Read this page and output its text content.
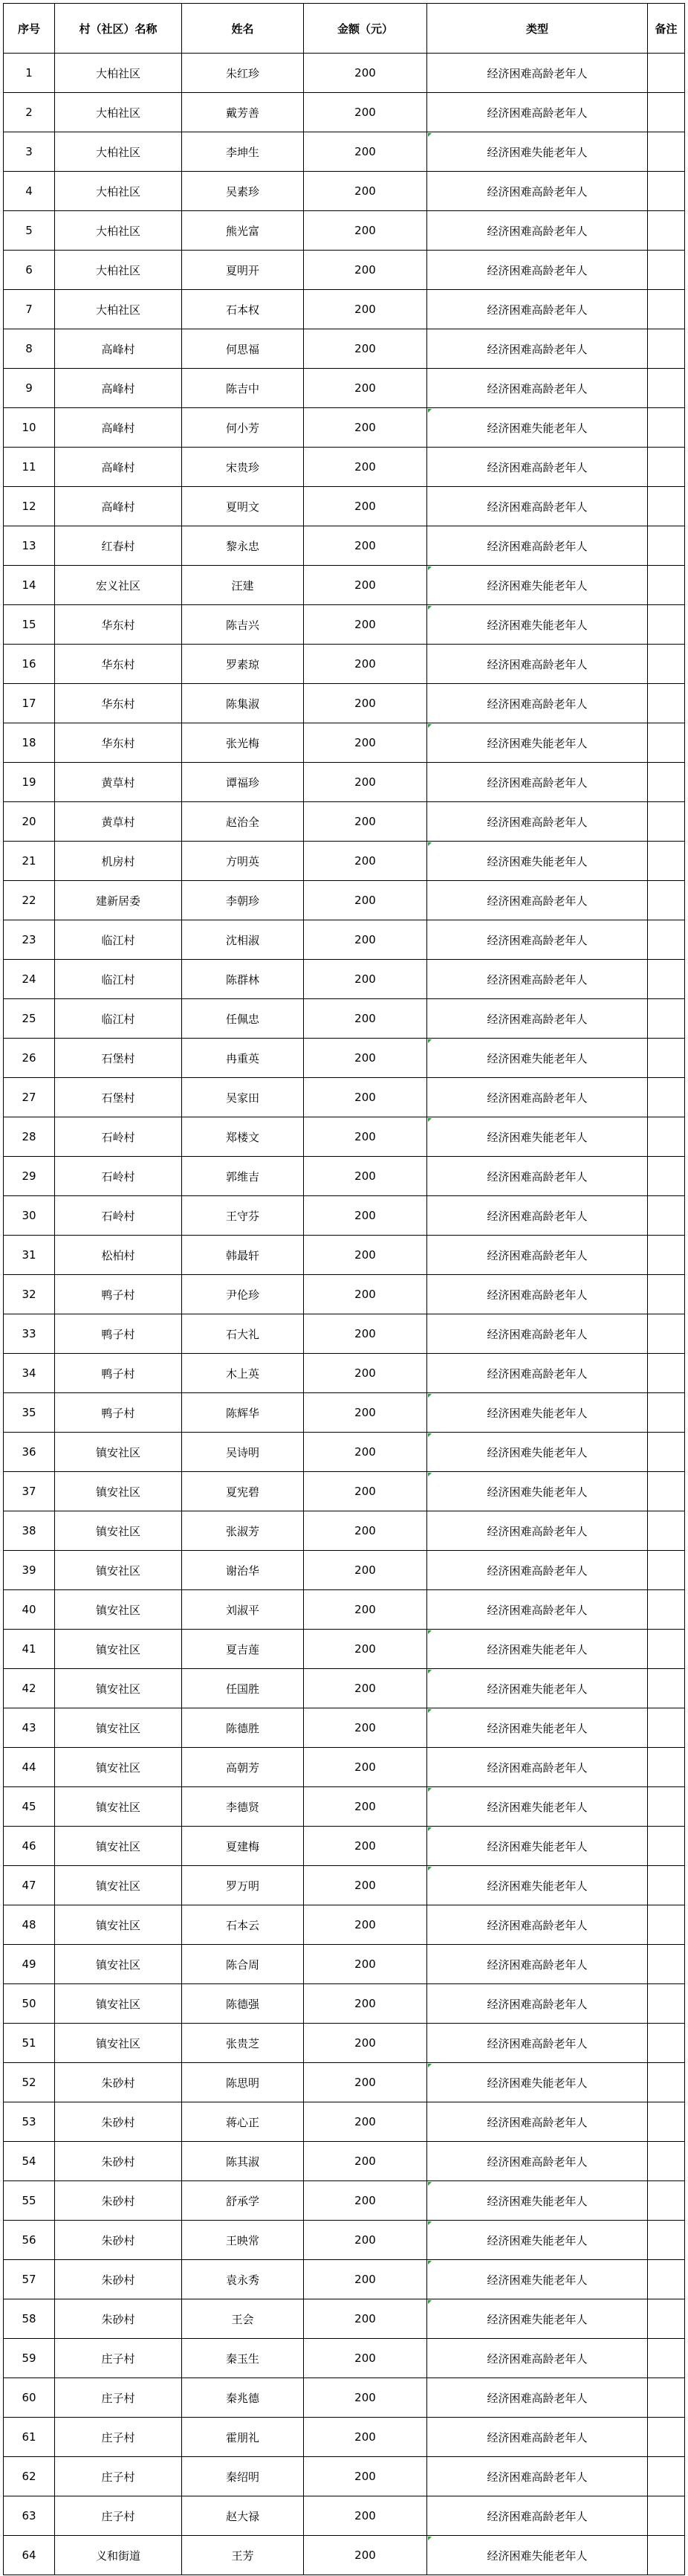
序号	村（社区）名称	姓名	金额（元）	类型	备注
1	大柏社区	朱红珍	200	经济困难高龄老年人	
2	大柏社区	戴芳善	200	经济困难高龄老年人	
3	大柏社区	李坤生	200	经济困难失能老年人	
4	大柏社区	吴素珍	200	经济困难高龄老年人	
5	大柏社区	熊光富	200	经济困难高龄老年人	
6	大柏社区	夏明开	200	经济困难高龄老年人	
7	大柏社区	石本权	200	经济困难高龄老年人	
8	高峰村	何思福	200	经济困难高龄老年人	
9	高峰村	陈吉中	200	经济困难高龄老年人	
10	高峰村	何小芳	200	经济困难失能老年人	
11	高峰村	宋贵珍	200	经济困难高龄老年人	
12	高峰村	夏明文	200	经济困难高龄老年人	
13	红春村	黎永忠	200	经济困难高龄老年人	
14	宏义社区	汪建	200	经济困难失能老年人	
15	华东村	陈吉兴	200	经济困难失能老年人	
16	华东村	罗素琼	200	经济困难高龄老年人	
17	华东村	陈集淑	200	经济困难高龄老年人	
18	华东村	张光梅	200	经济困难失能老年人	
19	黄草村	谭福珍	200	经济困难高龄老年人	
20	黄草村	赵治全	200	经济困难高龄老年人	
21	机房村	方明英	200	经济困难失能老年人	
22	建新居委	李朝珍	200	经济困难高龄老年人	
23	临江村	沈相淑	200	经济困难高龄老年人	
24	临江村	陈群林	200	经济困难高龄老年人	
25	临江村	任佩忠	200	经济困难高龄老年人	
26	石堡村	冉重英	200	经济困难失能老年人	
27	石堡村	吴家田	200	经济困难高龄老年人	
28	石岭村	郑楼文	200	经济困难失能老年人	
29	石岭村	郭维吉	200	经济困难高龄老年人	
30	石岭村	王守芬	200	经济困难高龄老年人	
31	松柏村	韩最轩	200	经济困难高龄老年人	
32	鸭子村	尹伦珍	200	经济困难高龄老年人	
33	鸭子村	石大礼	200	经济困难高龄老年人	
34	鸭子村	木上英	200	经济困难高龄老年人	
35	鸭子村	陈辉华	200	经济困难失能老年人	
36	镇安社区	吴诗明	200	经济困难失能老年人	
37	镇安社区	夏宪碧	200	经济困难失能老年人	
38	镇安社区	张淑芳	200	经济困难高龄老年人	
39	镇安社区	谢治华	200	经济困难高龄老年人	
40	镇安社区	刘淑平	200	经济困难高龄老年人	
41	镇安社区	夏吉莲	200	经济困难失能老年人	
42	镇安社区	任国胜	200	经济困难失能老年人	
43	镇安社区	陈德胜	200	经济困难失能老年人	
44	镇安社区	高朝芳	200	经济困难高龄老年人	
45	镇安社区	李德贤	200	经济困难失能老年人	
46	镇安社区	夏建梅	200	经济困难失能老年人	
47	镇安社区	罗万明	200	经济困难失能老年人	
48	镇安社区	石本云	200	经济困难高龄老年人	
49	镇安社区	陈合周	200	经济困难高龄老年人	
50	镇安社区	陈德强	200	经济困难高龄老年人	
51	镇安社区	张贵芝	200	经济困难高龄老年人	
52	朱砂村	陈思明	200	经济困难失能老年人	
53	朱砂村	蒋心正	200	经济困难高龄老年人	
54	朱砂村	陈其淑	200	经济困难高龄老年人	
55	朱砂村	舒承学	200	经济困难失能老年人	
56	朱砂村	王映常	200	经济困难失能老年人	
57	朱砂村	袁永秀	200	经济困难失能老年人	
58	朱砂村	王会	200	经济困难失能老年人	
59	庄子村	秦玉生	200	经济困难高龄老年人	
60	庄子村	秦兆德	200	经济困难高龄老年人	
61	庄子村	霍朋礼	200	经济困难高龄老年人	
62	庄子村	秦绍明	200	经济困难高龄老年人	
63	庄子村	赵大禄	200	经济困难高龄老年人	
64	义和街道	王芳	200	经济困难失能老年人	
